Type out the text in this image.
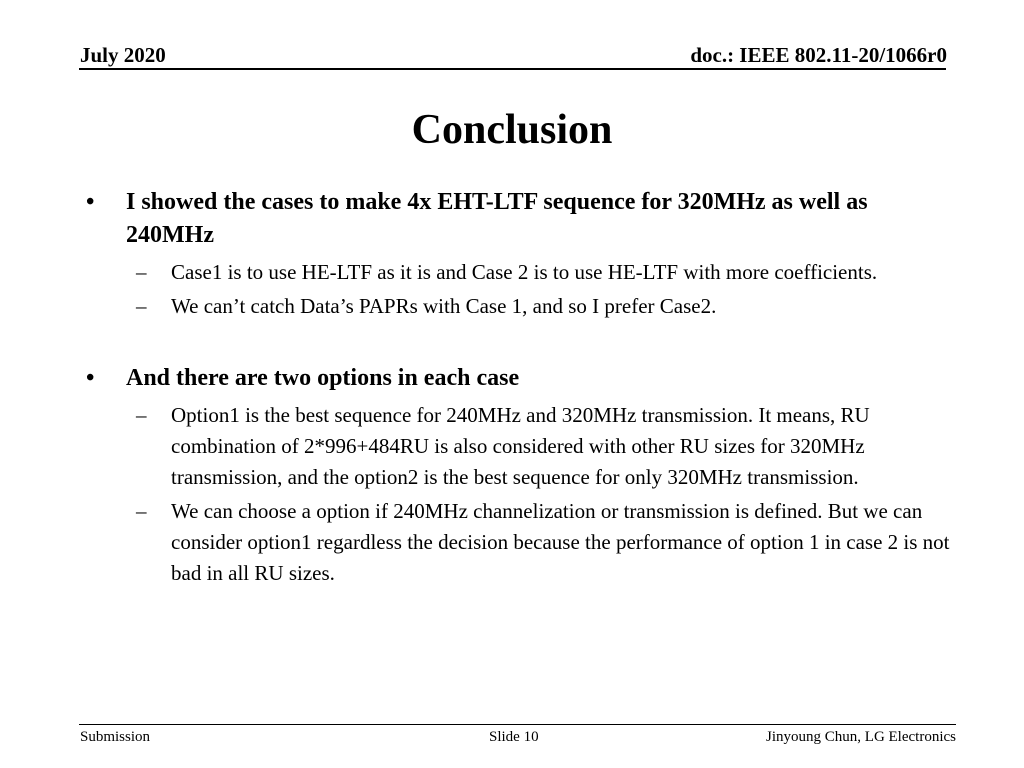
July 2020	doc.: IEEE 802.11-20/1066r0
Conclusion
•	I showed the cases to make 4x EHT-LTF sequence for 320MHz as well as 240MHz
– Case1 is to use HE-LTF as it is and Case 2 is to use HE-LTF with more coefficients.
– We can’t catch Data’s PAPRs with Case 1, and so I prefer Case2.
•	And there are two options in each case
– Option1 is the best sequence for 240MHz and 320MHz transmission. It means, RU combination of 2*996+484RU is also considered with other RU sizes for 320MHz transmission, and the option2 is the best sequence for only 320MHz transmission.
– We can choose a option if 240MHz channelization or transmission is defined. But we can consider option1 regardless the decision because the performance of option 1 in case 2 is not bad in all RU sizes.
Submission	Slide 10	Jinyoung Chun, LG Electronics
